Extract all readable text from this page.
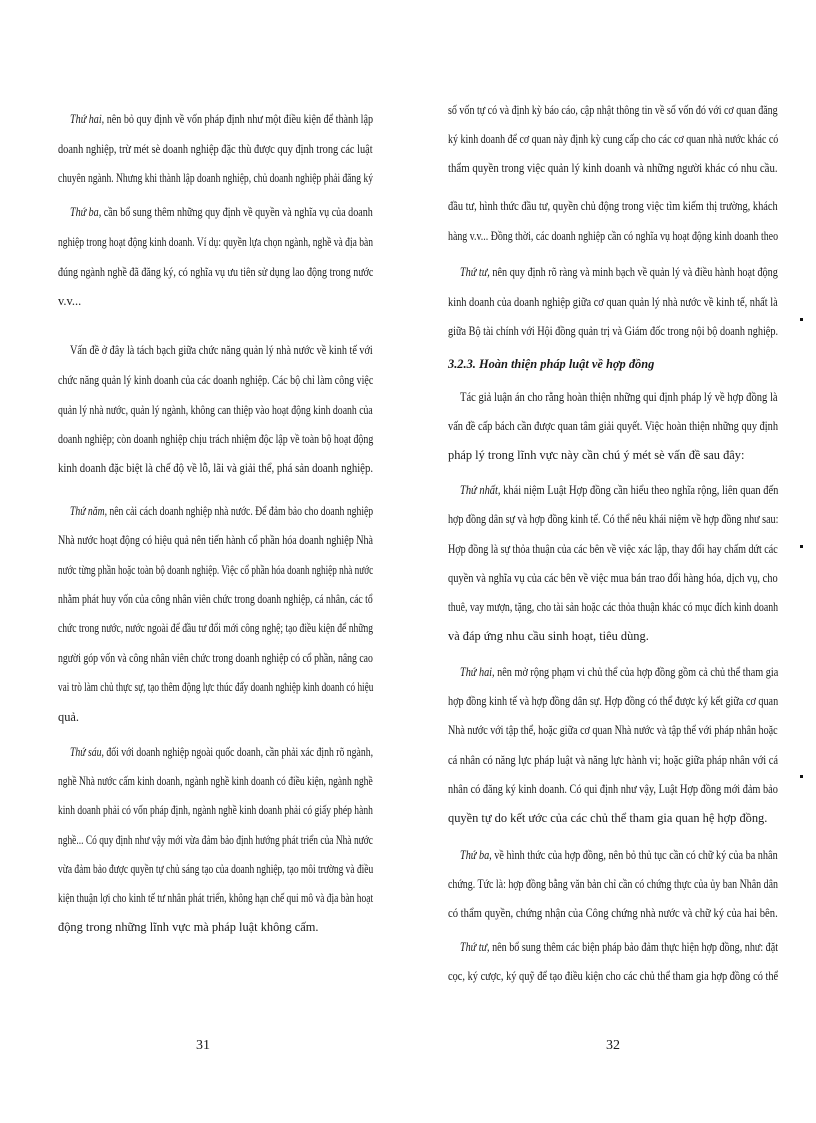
Thứ hai, nên bỏ quy định về vốn pháp định như một điều kiện để thành lập
doanh nghiệp, trừ mét sè doanh nghiệp đặc thù được quy định trong các luật
chuyên ngành. Nhưng khi thành lập doanh nghiệp, chủ doanh nghiệp phải đăng ký
Thứ ba, cần bổ sung thêm những quy định về quyền và nghĩa vụ của doanh
nghiệp trong hoạt động kinh doanh. Ví dụ: quyền lựa chọn ngành, nghề và địa bàn
đúng ngành nghề đã đăng ký, có nghĩa vụ ưu tiên sử dụng lao động trong nước
v.v...
Vấn đề ở đây là tách bạch giữa chức năng quản lý nhà nước về kinh tế với
chức năng quản lý kinh doanh của các doanh nghiệp. Các bộ chỉ làm công việc
quản lý nhà nước, quản lý ngành, không can thiệp vào hoạt động kinh doanh của
doanh nghiệp; còn doanh nghiệp chịu trách nhiệm độc lập về toàn bộ hoạt động
kinh doanh đặc biệt là chế độ về lỗ, lãi và giải thể, phá sản doanh nghiệp.
Thứ năm, nên cải cách doanh nghiệp nhà nước. Để đảm bảo cho doanh nghiệp
Nhà nước hoạt động có hiệu quả nên tiến hành cổ phần hóa doanh nghiệp Nhà
nước từng phần hoặc toàn bộ doanh nghiệp. Việc cổ phần hóa doanh nghiệp nhà nước
nhằm phát huy vốn của công nhân viên chức trong doanh nghiệp, cá nhân, các tổ
chức trong nước, nước ngoài để đầu tư đổi mới công nghệ; tạo điều kiện để những
người góp vốn và công nhân viên chức trong doanh nghiệp có cổ phần, nâng cao
vai trò làm chủ thực sự, tạo thêm động lực thúc đẩy doanh nghiệp kinh doanh có hiệu
quả.
Thứ sáu, đối với doanh nghiệp ngoài quốc doanh, cần phải xác định rõ ngành,
nghề Nhà nước cấm kinh doanh, ngành nghề kinh doanh có điều kiện, ngành nghề
kinh doanh phải có vốn pháp định, ngành nghề kinh doanh phải có giấy phép hành
nghề... Có quy định như vậy mới vừa đảm bảo định hướng phát triển của Nhà nước
vừa đảm bảo được quyền tự chủ sáng tạo của doanh nghiệp, tạo môi trường và điều
kiện thuận lợi cho kinh tế tư nhân phát triển, không hạn chế qui mô và địa bàn hoạt
động trong những lĩnh vực mà pháp luật không cấm.
31
số vốn tự có và định kỳ báo cáo, cập nhật thông tin về số vốn đó với cơ quan đăng
ký kinh doanh để cơ quan này định kỳ cung cấp cho các cơ quan nhà nước khác có
thẩm quyền trong việc quản lý kinh doanh và những người khác có nhu cầu.
đầu tư, hình thức đầu tư, quyền chủ động trong việc tìm kiếm thị trường, khách
hàng v.v... Đồng thời, các doanh nghiệp cần có nghĩa vụ hoạt động kinh doanh theo
Thứ tư, nên quy định rõ ràng và minh bạch về quản lý và điều hành hoạt động
kinh doanh của doanh nghiệp giữa cơ quan quản lý nhà nước về kinh tế, nhất là
giữa Bộ tài chính với Hội đồng quản trị và Giám đốc trong nội bộ doanh nghiệp.
3.2.3. Hoàn thiện pháp luật về hợp đồng
Tác giả luận án cho rằng hoàn thiện những qui định pháp lý về hợp đồng là
vấn đề cấp bách cần được quan tâm giải quyết. Việc hoàn thiện những quy định
pháp lý trong lĩnh vực này cần chú ý mét sè vấn đề sau đây:
Thứ nhất, khái niệm Luật Hợp đồng cần hiểu theo nghĩa rộng, liên quan đến
hợp đồng dân sự và hợp đồng kinh tế. Có thể nêu khái niệm về hợp đồng như sau:
Hợp đồng là sự thỏa thuận của các bên về việc xác lập, thay đổi hay chấm dứt các
quyền và nghĩa vụ của các bên về việc mua bán trao đổi hàng hóa, dịch vụ, cho
thuê, vay mượn, tặng, cho tài sản hoặc các thỏa thuận khác có mục đích kinh doanh
và đáp ứng nhu cầu sinh hoạt, tiêu dùng.
Thứ hai, nên mở rộng phạm vi chủ thể của hợp đồng gồm cả chủ thể tham gia
hợp đồng kinh tế và hợp đồng dân sự. Hợp đồng có thể được ký kết giữa cơ quan
Nhà nước với tập thể, hoặc giữa cơ quan Nhà nước và tập thể với pháp nhân hoặc
cá nhân có năng lực pháp luật và năng lực hành vi; hoặc giữa pháp nhân với cá
nhân có đăng ký kinh doanh. Có qui định như vậy, Luật Hợp đồng mới đảm bảo
quyền tự do kết ước của các chủ thể tham gia quan hệ hợp đồng.
Thứ ba, về hình thức của hợp đồng, nên bỏ thủ tục cần có chữ ký của ba nhân
chứng. Tức là: hợp đồng bằng văn bản chỉ cần có chứng thực của ủy ban Nhân dân
có thẩm quyền, chứng nhận của Công chứng nhà nước và chữ ký của hai bên.
Thứ tư, nên bổ sung thêm các biện pháp bảo đảm thực hiện hợp đồng, như: đặt
cọc, ký cược, ký quỹ để tạo điều kiện cho các chủ thể tham gia hợp đồng có thể
32
